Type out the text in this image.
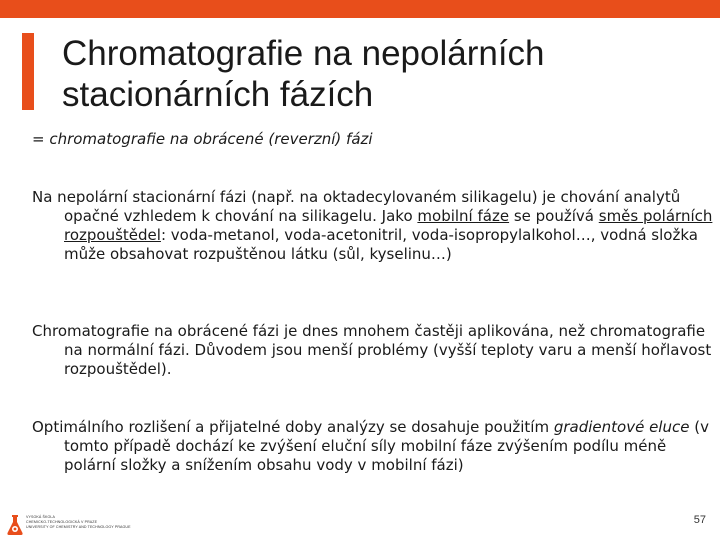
Chromatografie na nepolárních stacionárních fázích
= chromatografie na obrácené (reverzní) fázi
Na nepolární stacionární fázi (např. na oktadecylovaném silikagelu) je chování analytů opačné vzhledem k chování na silikagelu. Jako mobilní fáze se používá směs polárních rozpouštědel: voda-metanol, voda-acetonitril, voda-isopropylalkohol…, vodná složka může obsahovat rozpuštěnou látku (sůl, kyselinu…)
Chromatografie na obrácené fázi je dnes mnohem častěji aplikována, než chromatografie na normální fázi. Důvodem jsou menší problémy (vyšší teploty varu a menší hořlavost rozpouštědel).
Optimálního rozlišení a přijatelné doby analýzy se dosahuje použitím gradientové eluce (v tomto případě dochází ke zvýšení eluční síly mobilní fáze zvýšením podílu méně polární složky a snížením obsahu vody v mobilní fázi)
VYSOKÁ ŠKOLA
CHEMICKO-TECHNOLOGICKÁ V PRAZE
UNIVERSITY OF CHEMISTRY AND TECHNOLOGY PRAGUE
57
